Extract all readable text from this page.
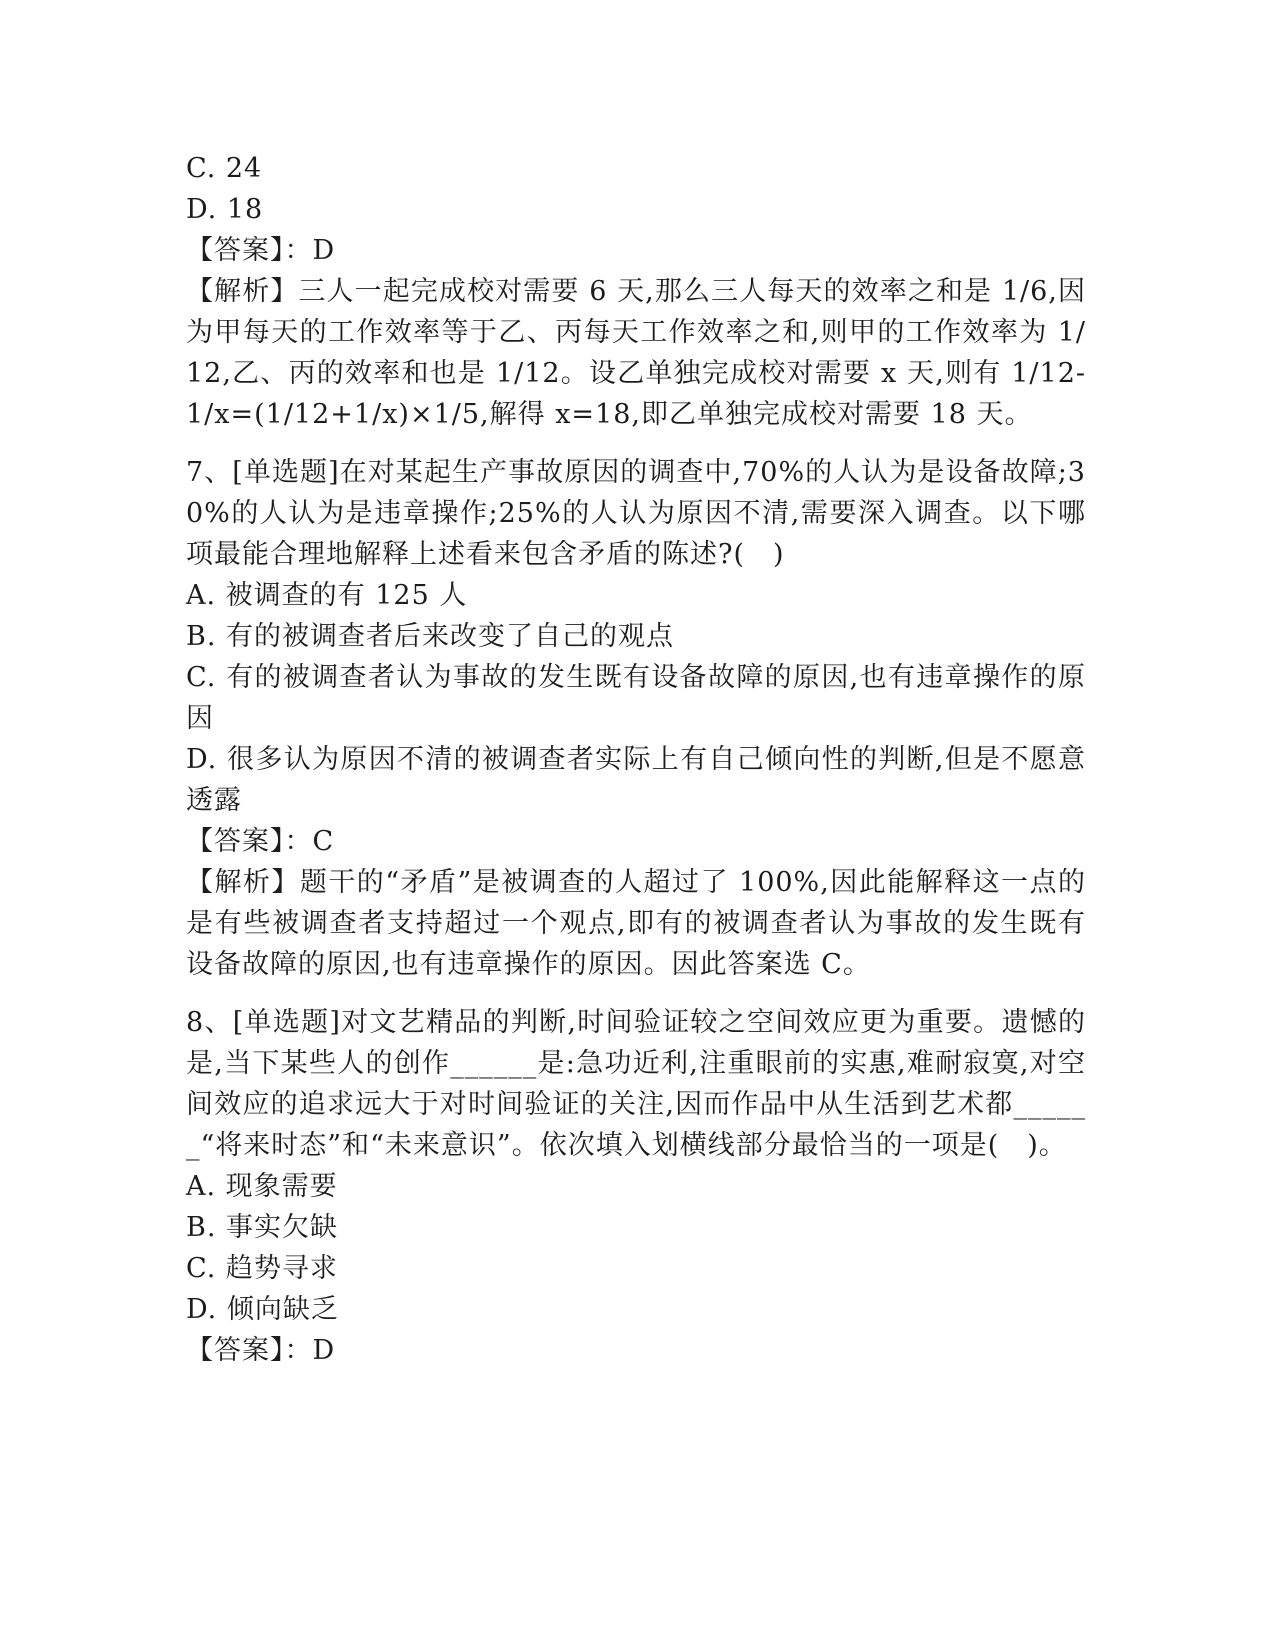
C. 24

D. 18

【答案】：D

【解析】三人一起完成校对需要 6 天,那么三人每天的效率之和是 1/6,因为甲每天的工作效率等于乙、丙每天工作效率之和,则甲的工作效率为 1/12,乙、丙的效率和也是 1/12。设乙单独完成校对需要 x 天,则有 1/12-1/x=(1/12+1/x)×1/5,解得 x=18,即乙单独完成校对需要 18 天。

7、[单选题]在对某起生产事故原因的调查中,70%的人认为是设备故障;30%的人认为是违章操作;25%的人认为原因不清,需要深入调查。以下哪项最能合理地解释上述看来包含矛盾的陈述?(　)

A. 被调查的有 125 人

B. 有的被调查者后来改变了自己的观点

C. 有的被调查者认为事故的发生既有设备故障的原因,也有违章操作的原因

D. 很多认为原因不清的被调查者实际上有自己倾向性的判断,但是不愿意透露

【答案】：C

【解析】题干的“矛盾”是被调查的人超过了 100%,因此能解释这一点的是有些被调查者支持超过一个观点,即有的被调查者认为事故的发生既有设备故障的原因,也有违章操作的原因。因此答案选 C。

8、[单选题]对文艺精品的判断,时间验证较之空间效应更为重要。遗憾的是,当下某些人的创作______是:急功近利,注重眼前的实惠,难耐寂寞,对空间效应的追求远大于对时间验证的关注,因而作品中从生活到艺术都______“将来时态”和“未来意识”。依次填入划横线部分最恰当的一项是(　)。

A. 现象需要

B. 事实欠缺

C. 趋势寻求

D. 倾向缺乏

【答案】：D
